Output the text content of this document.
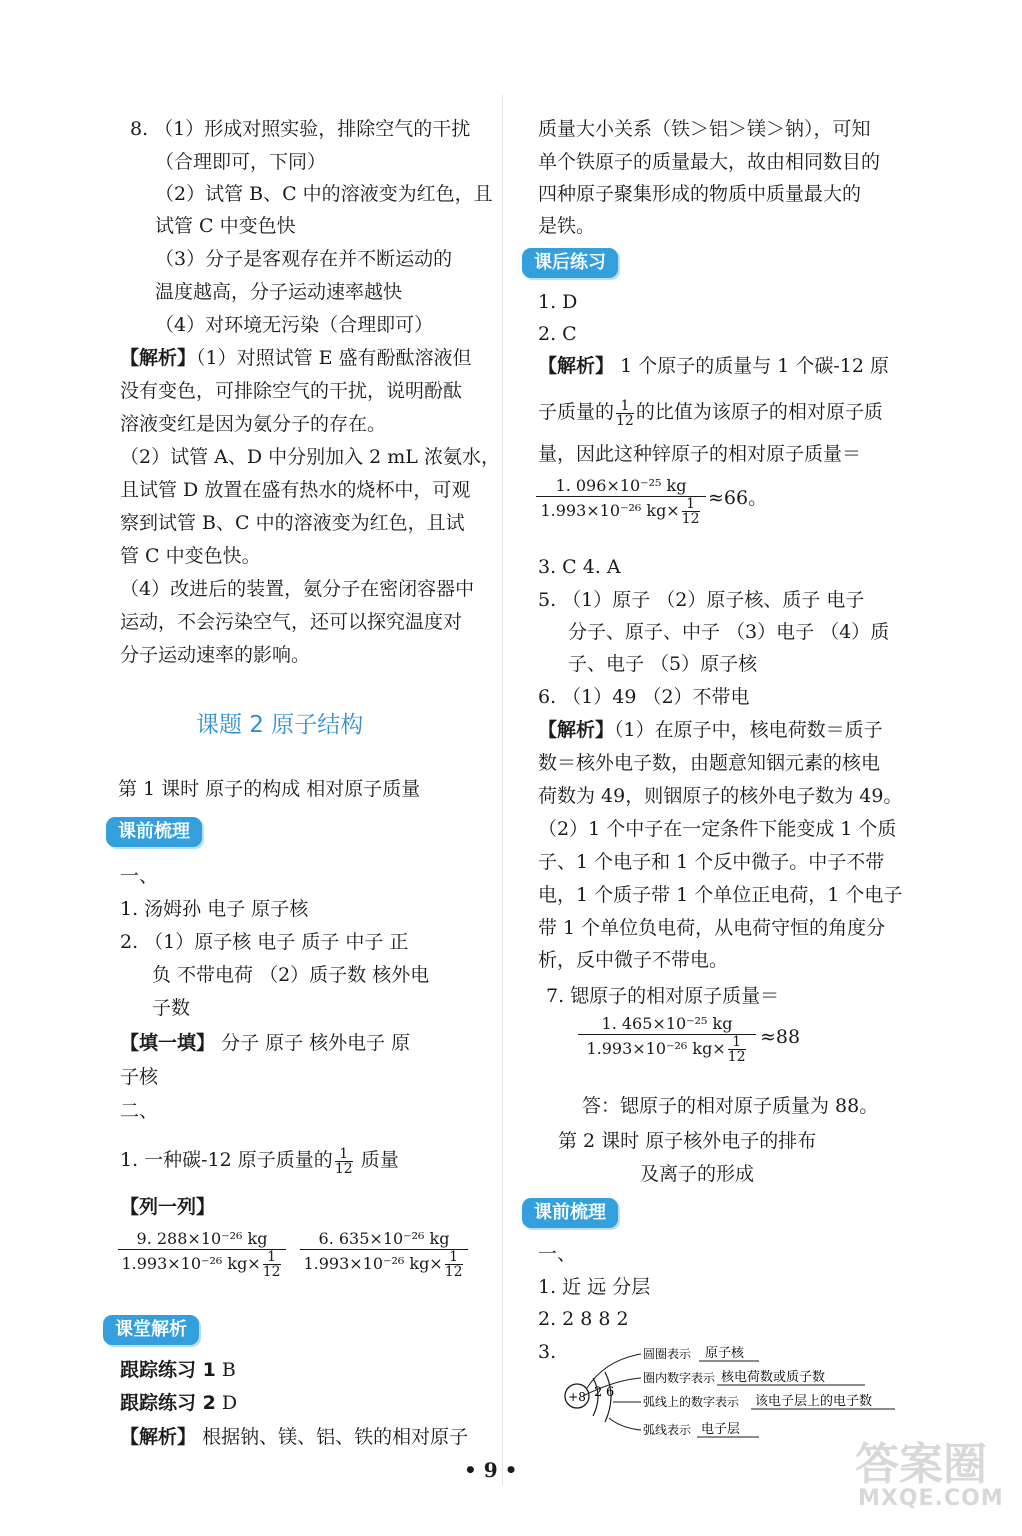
8. （1）形成对照实验，排除空气的干扰
（合理即可，下同）
（2）试管 B、C 中的溶液变为红色，且
试管 C 中变色快
（3）分子是客观存在并不断运动的
温度越高，分子运动速率越快
（4）对环境无污染（合理即可）
【解析】（1）对照试管 E 盛有酚酞溶液但
没有变色，可排除空气的干扰，说明酚酞
溶液变红是因为氨分子的存在。
（2）试管 A、D 中分别加入 2 mL 浓氨水，
且试管 D 放置在盛有热水的烧杯中，可观
察到试管 B、C 中的溶液变为红色，且试
管 C 中变色快。
（4）改进后的装置，氨分子在密闭容器中
运动，不会污染空气，还可以探究温度对
分子运动速率的影响。
课题 2 原子结构
第 1 课时 原子的构成 相对原子质量
课前梳理
一、
1. 汤姆孙 电子 原子核
2. （1）原子核 电子 质子 中子 正
负 不带电荷 （2）质子数 核外电
子数
【填一填】 分子 原子 核外电子 原
子核
二、
1. 一种碳-12 原子质量的 $\frac{1}{12}$ 质量
【列一列】
$\frac{\text{9. 288×10⁻²⁶ kg}}{1.993\times 10^{-26} kg\times \frac{1}{12}} \frac{\text{6. 635×10⁻²⁶ kg}}{1.993\times 10^{-26} kg\times \frac{1}{12}}$
课堂解析
跟踪练习 1 B
跟踪练习 2 D
【解析】 根据钠、镁、铝、铁的相对原子
质量大小关系（铁＞铝＞镁＞钠），可知
单个铁原子的质量最大，故由相同数目的
四种原子聚集形成的物质中质量最大的
是铁。
课后练习
1. D
2. C
【解析】 1 个原子的质量与 1 个碳-12 原
子质量的 $\frac{1}{12}$ 的比值为该原子的相对原子质
量，因此这种锌原子的相对原子质量＝
$\frac{\text{1. 096×10⁻²⁵ kg}}{1.993\times 10^{-26} kg\times \frac{1}{12}} \approx 66$。
3. C 4. A
5. （1）原子 （2）原子核、质子 电子
分子、原子、中子 （3）电子 （4）质
子、电子 （5）原子核
6. （1）49 （2）不带电
【解析】（1）在原子中，核电荷数＝质子
数＝核外电子数，由题意知铟元素的核电
荷数为 49，则铟原子的核外电子数为 49。
（2）1 个中子在一定条件下能变成 1 个质
子、1 个电子和 1 个反中微子。中子不带
电，1 个质子带 1 个单位正电荷，1 个电子
带 1 个单位负电荷，从电荷守恒的角度分
析，反中微子不带电。
7. 锶原子的相对原子质量＝
$\frac{\text{1. 465×10⁻²⁵ kg}}{1.993\times 10^{-26} kg\times \frac{1}{12}} \approx 88$
答：锶原子的相对原子质量为 88。
第 2 课时 原子核外电子的排布
及离子的形成
课前梳理
一、
1. 近 远 分层
2. 2 8 8 2
3.
+8 2 6
圆圈表示 原子核
圈内数字表示 核电荷数或质子数
弧线上的数字表示 该电子层上的电子数
弧线表示 电子层
• 9 •	答案圈
MXQE.COM
